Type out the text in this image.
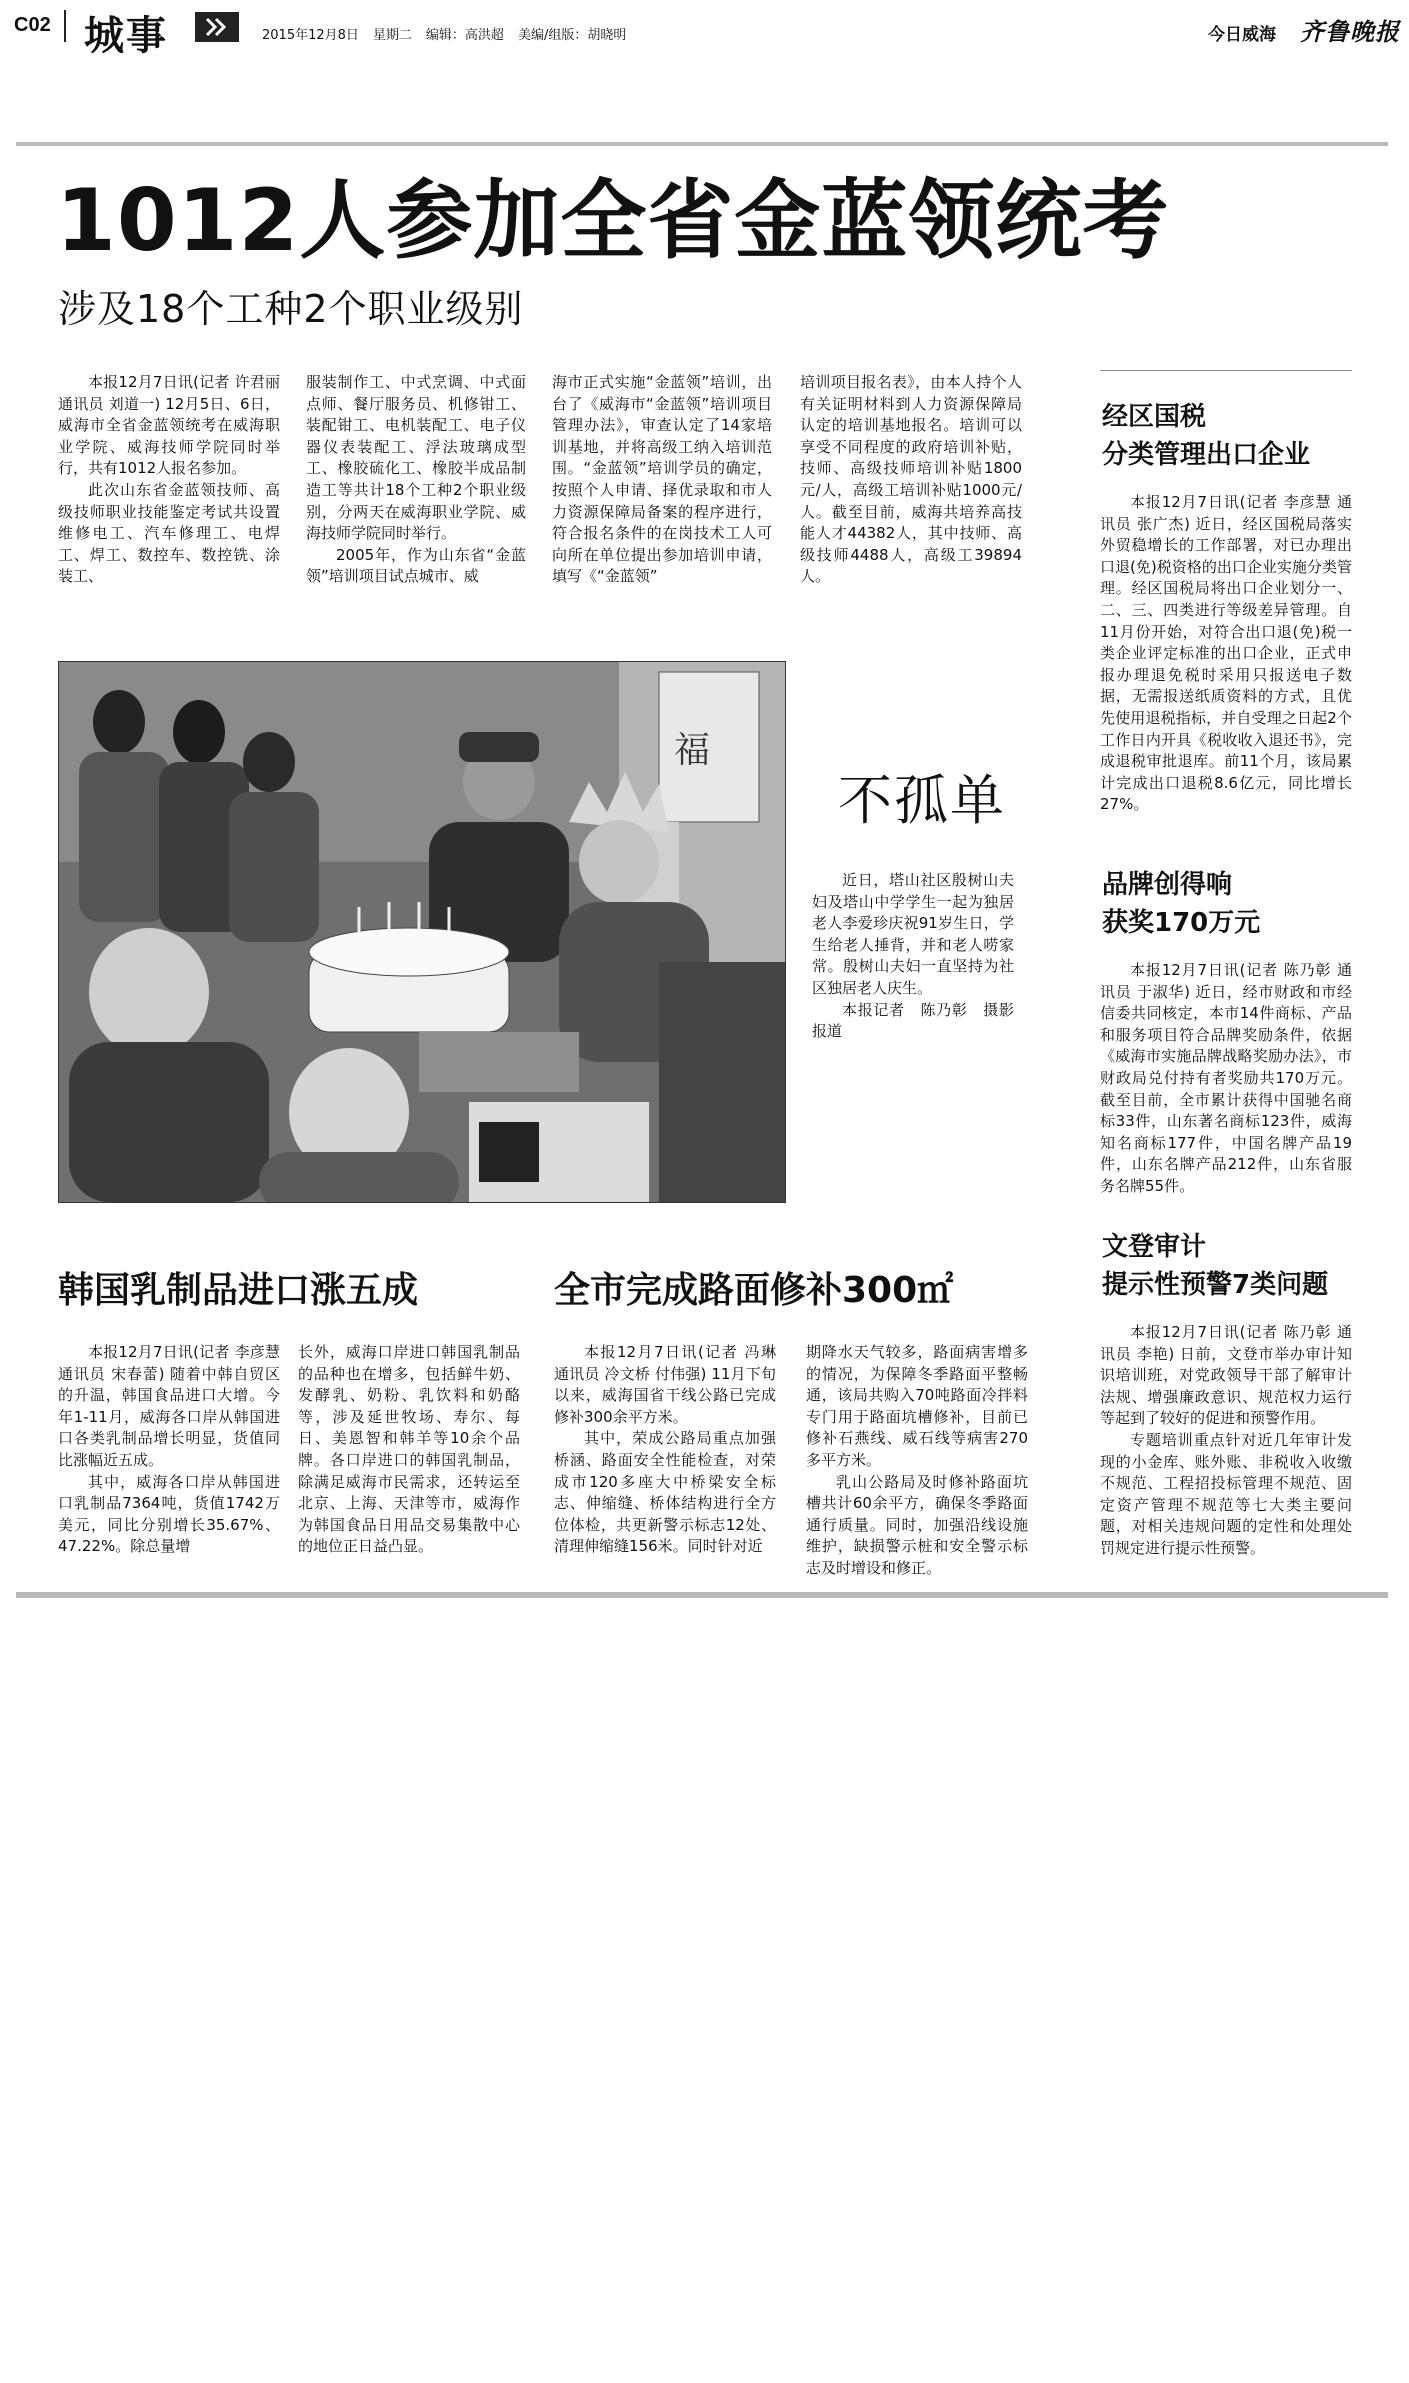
C02 城事	2015年12月8日 星期二 编辑：高洪超 美编/组版：胡晓明	今日威海 齐鲁晚报
1012人参加全省金蓝领统考
涉及18个工种2个职业级别

本报12月7日讯(记者 许君丽 通讯员 刘道一) 12月5日、6日，威海市全省金蓝领统考在威海职业学院、威海技师学院同时举行，共有1012人报名参加。

此次山东省金蓝领技师、高级技师职业技能鉴定考试共设置维修电工、汽车修理工、电焊工、焊工、数控车、数控铣、涂装工、

服装制作工、中式烹调、中式面点师、餐厅服务员、机修钳工、装配钳工、电机装配工、电子仪器仪表装配工、浮法玻璃成型工、橡胶硫化工、橡胶半成品制造工等共计18个工种2个职业级别，分两天在威海职业学院、威海技师学院同时举行。

2005年，作为山东省“金蓝领”培训项目试点城市、威

海市正式实施“金蓝领”培训，出台了《威海市“金蓝领”培训项目管理办法》，审查认定了14家培训基地，并将高级工纳入培训范围。“金蓝领”培训学员的确定，按照个人申请、择优录取和市人力资源保障局备案的程序进行，符合报名条件的在岗技术工人可向所在单位提出参加培训申请，填写《“金蓝领”

培训项目报名表》，由本人持个人有关证明材料到人力资源保障局认定的培训基地报名。培训可以享受不同程度的政府培训补贴，技师、高级技师培训补贴1800元/人，高级工培训补贴1000元/人。截至目前，威海共培养高技能人才44382人，其中技师、高级技师4488人，高级工39894人。

福
不孤单

近日，塔山社区殷树山夫妇及塔山中学学生一起为独居老人李爱珍庆祝91岁生日，学生给老人捶背，并和老人唠家常。殷树山夫妇一直坚持为社区独居老人庆生。

本报记者　陈乃彰　摄影报道

经区国税
分类管理出口企业

本报12月7日讯(记者 李彦慧 通讯员 张广杰) 近日，经区国税局落实外贸稳增长的工作部署，对已办理出口退(免)税资格的出口企业实施分类管理。经区国税局将出口企业划分一、二、三、四类进行等级差异管理。自11月份开始，对符合出口退(免)税一类企业评定标准的出口企业，正式申报办理退免税时采用只报送电子数据，无需报送纸质资料的方式，且优先使用退税指标，并自受理之日起2个工作日内开具《税收收入退还书》，完成退税审批退库。前11个月，该局累计完成出口退税8.6亿元，同比增长27%。

品牌创得响
获奖170万元

本报12月7日讯(记者 陈乃彰 通讯员 于淑华) 近日，经市财政和市经信委共同核定，本市14件商标、产品和服务项目符合品牌奖励条件，依据《威海市实施品牌战略奖励办法》，市财政局兑付持有者奖励共170万元。截至目前，全市累计获得中国驰名商标33件，山东著名商标123件，威海知名商标177件，中国名牌产品19件，山东名牌产品212件，山东省服务名牌55件。

文登审计
提示性预警7类问题

本报12月7日讯(记者 陈乃彰 通讯员 李艳) 日前，文登市举办审计知识培训班，对党政领导干部了解审计法规、增强廉政意识、规范权力运行等起到了较好的促进和预警作用。

专题培训重点针对近几年审计发现的小金库、账外账、非税收入收缴不规范、工程招投标管理不规范、固定资产管理不规范等七大类主要问题，对相关违规问题的定性和处理处罚规定进行提示性预警。

韩国乳制品进口涨五成

本报12月7日讯(记者 李彦慧 通讯员 宋春蕾) 随着中韩自贸区的升温，韩国食品进口大增。今年1-11月，威海各口岸从韩国进口各类乳制品增长明显，货值同比涨幅近五成。

其中，威海各口岸从韩国进口乳制品7364吨，货值1742万美元，同比分别增长35.67%、47.22%。除总量增

长外，威海口岸进口韩国乳制品的品种也在增多，包括鲜牛奶、发酵乳、奶粉、乳饮料和奶酪等，涉及延世牧场、寿尔、每日、美恩智和韩羊等10余个品牌。各口岸进口的韩国乳制品，除满足威海市民需求，还转运至北京、上海、天津等市，威海作为韩国食品日用品交易集散中心的地位正日益凸显。

全市完成路面修补300㎡

本报12月7日讯(记者 冯琳 通讯员 冷文桥 付伟强) 11月下旬以来，威海国省干线公路已完成修补300余平方米。

其中，荣成公路局重点加强桥涵、路面安全性能检查，对荣成市120多座大中桥梁安全标志、伸缩缝、桥体结构进行全方位体检，共更新警示标志12处、清理伸缩缝156米。同时针对近

期降水天气较多，路面病害增多的情况，为保障冬季路面平整畅通，该局共购入70吨路面冷拌料专门用于路面坑槽修补，目前已修补石燕线、威石线等病害270多平方米。

乳山公路局及时修补路面坑槽共计60余平方，确保冬季路面通行质量。同时，加强沿线设施维护，缺损警示桩和安全警示标志及时增设和修正。
